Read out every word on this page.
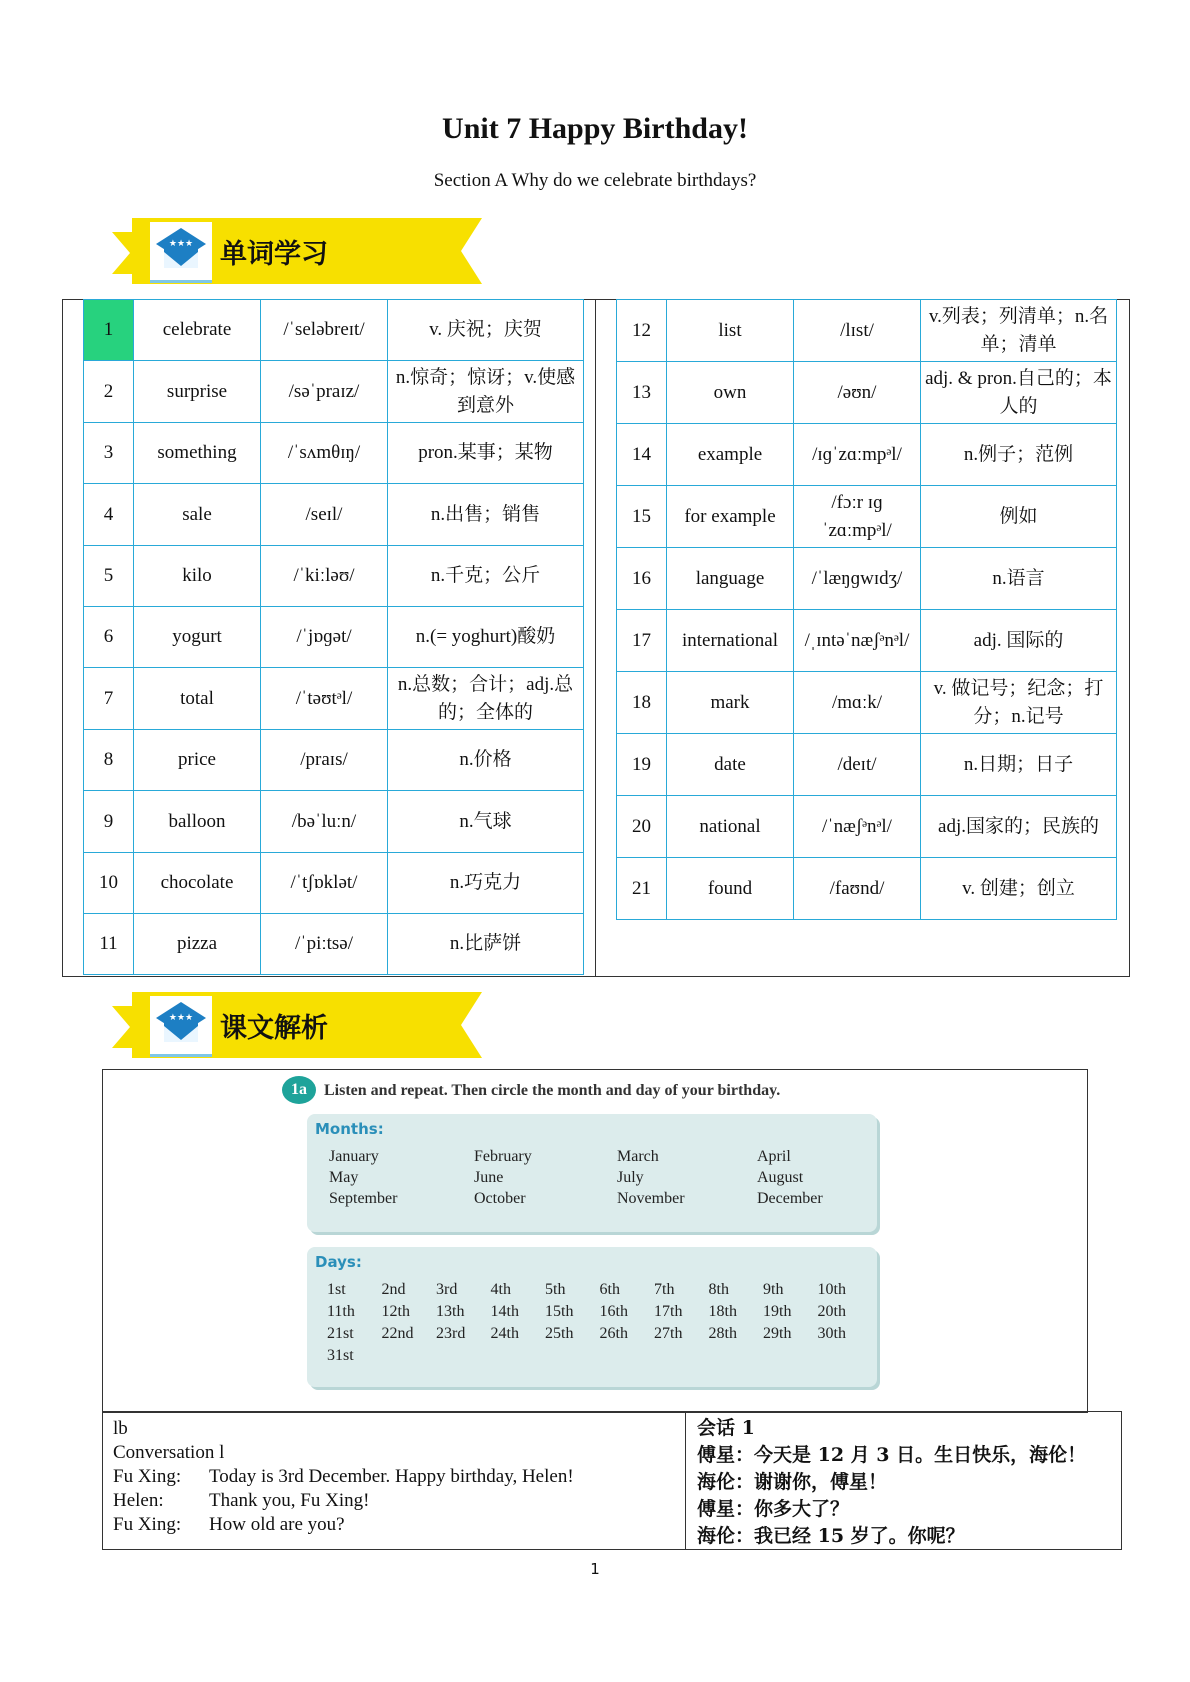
Unit 7 Happy Birthday!
Section A Why do we celebrate birthdays?
★★★ 单词学习
1	celebrate	/ˈseləbreɪt/	v. 庆祝；庆贺
2	surprise	/səˈpraɪz/	n.惊奇；惊讶；v.使感到意外
3	something	/ˈsʌmθɪŋ/	pron.某事；某物
4	sale	/seɪl/	n.出售；销售
5	kilo	/ˈkiːləʊ/	n.千克；公斤
6	yogurt	/ˈjɒɡət/	n.(= yoghurt)酸奶
7	total	/ˈtəʊtᵊl/	n.总数；合计；adj.总的；全体的
8	price	/praɪs/	n.价格
9	balloon	/bəˈluːn/	n.气球
10	chocolate	/ˈtʃɒklət/	n.巧克力
11	pizza	/ˈpiːtsə/	n.比萨饼
12	list	/lɪst/	v.列表；列清单；n.名单；清单
13	own	/əʊn/	adj. & pron.自己的；本人的
14	example	/ɪɡˈzɑːmpᵊl/	n.例子；范例
15	for example	/fɔːr ɪɡˈzɑːmpᵊl/	例如
16	language	/ˈlæŋɡwɪdʒ/	n.语言
17	international	/ˌɪntəˈnæʃᵊnᵊl/	adj. 国际的
18	mark	/mɑːk/	v. 做记号；纪念；打分；n.记号
19	date	/deɪt/	n.日期；日子
20	national	/ˈnæʃᵊnᵊl/	adj.国家的；民族的
21	found	/faʊnd/	v. 创建；创立
★★★ 课文解析
1a	Listen and repeat. Then circle the month and day of your birthday.
Months:
January	February	March	April
May	June	July	August
September	October	November	December
Days:
1st	2nd	3rd	4th	5th	6th	7th	8th	9th	10th
11th	12th	13th	14th	15th	16th	17th	18th	19th	20th
21st	22nd	23rd	24th	25th	26th	27th	28th	29th	30th
31st
lb
Conversation l
Fu Xing:	Today is 3rd December. Happy birthday, Helen!
Helen:	Thank you, Fu Xing!
Fu Xing:	How old are you?
会话 1
傅星：今天是 12 月 3 日。生日快乐，海伦！
海伦：谢谢你，傅星！
傅星：你多大了？
海伦：我已经 15 岁了。你呢？
1
